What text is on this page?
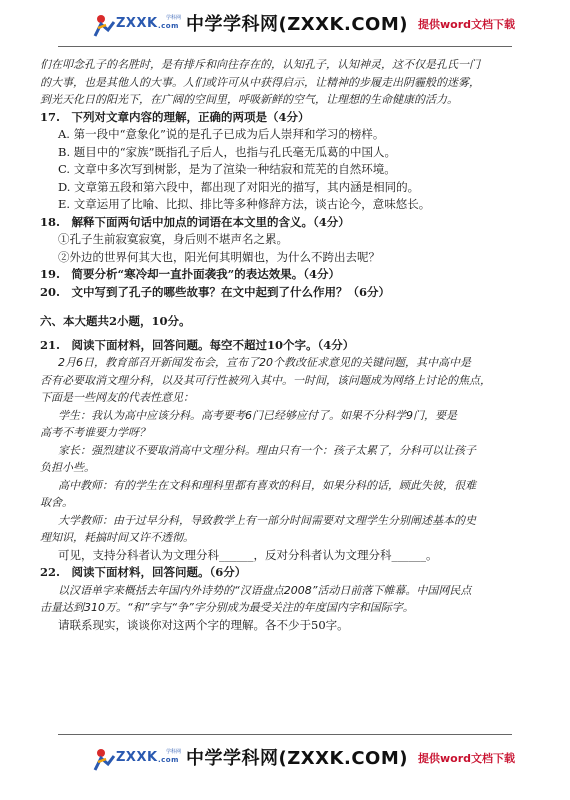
ZXXK .com
学科网 中学学科网(ZXXK.COM) 提供word文档下载

们在叩念孔子的名胜时，是有排斥和向往存在的，认知孔子，认知神灵，这不仅是孔氏一门

的大事，也是其他人的大事。人们或许可从中获得启示，让精神的步履走出阴霾般的迷雾，

到光天化日的阳光下，在广阔的空间里，呼吸新鲜的空气，让理想的生命健康的活力。

17.　下列对文章内容的理解，正确的两项是（4分）

A. 第一段中“意象化”说的是孔子已成为后人崇拜和学习的榜样。

B. 题目中的“家族”既指孔子后人，也指与孔氏毫无瓜葛的中国人。

C. 文章中多次写到树影，是为了渲染一种结寂和荒芜的自然环境。

D. 文章第五段和第六段中，都出现了对阳光的描写，其内涵是相同的。

E. 文章运用了比喻、比拟、排比等多种修辞方法，谈古论今，意味悠长。

18.　解释下面两句话中加点的词语在本文里的含义。（4分）

①孔子生前寂寞寂寞，身后则不堪声名之累。

②外边的世界何其大也，阳光何其明媚也，为什么不跨出去呢？

19.　简要分析“寒冷却一直扑面袭我”的表达效果。（4分）

20.　文中写到了孔子的哪些故事？在文中起到了什么作用？（6分）

六、本大题共2小题，10分。

21.　阅读下面材料，回答问题。每空不超过10个字。（4分）

2月6日，教育部召开新闻发布会，宣布了20个教改征求意见的关键问题，其中高中是

否有必要取消文理分科，以及其可行性被列入其中。一时间，该问题成为网络上讨论的焦点，

下面是一些网友的代表性意见：

学生：我认为高中应该分科。高考要考6门已经够应付了。如果不分科学9门，要是

高考不考谁要力学呀？

家长：强烈建议不要取消高中文理分科。理由只有一个：孩子太累了，分科可以让孩子

负担小些。

高中教师：有的学生在文科和理科里都有喜欢的科目，如果分科的话，顾此失彼，很难

取舍。

大学教师：由于过早分科，导致教学上有一部分时间需要对文理学生分别阐述基本的史

理知识，耗搞时间又许不透彻。

可见，支持分科者认为文理分科______，反对分科者认为文理分科______。

22.　阅读下面材料，回答问题。（6分）

以汉语单字来概括去年国内外诗势的“汉语盘点2008”活动日前落下帷幕。中国网民点

击量达到310万。“和”字与“争”字分别成为最受关注的年度国内字和国际字。

请联系现实，谈谈你对这两个字的理解。各不少于50字。

ZXXK .com
学科网 中学学科网(ZXXK.COM) 提供word文档下载
